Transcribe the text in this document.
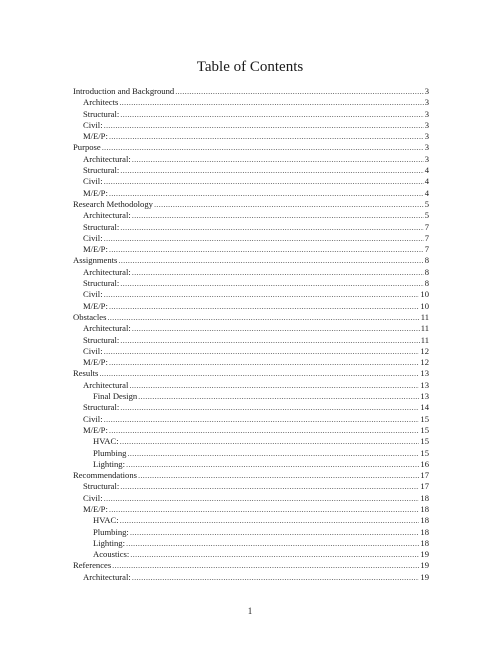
Table of Contents
Introduction and Background .....	3
Architects .....	3
Structural: .....	3
Civil: .....	3
M/E/P: .....	3
Purpose .....	3
Architectural: .....	3
Structural: .....	4
Civil: .....	4
M/E/P: .....	4
Research Methodology .....	5
Architectural: .....	5
Structural: .....	7
Civil: .....	7
M/E/P: .....	7
Assignments .....	8
Architectural: .....	8
Structural: .....	8
Civil: .....	10
M/E/P: .....	10
Obstacles .....	11
Architectural: .....	11
Structural: .....	11
Civil: .....	12
M/E/P: .....	12
Results .....	13
Architectural .....	13
Final Design .....	13
Structural: .....	14
Civil: .....	15
M/E/P: .....	15
HVAC: .....	15
Plumbing .....	15
Lighting: .....	16
Recommendations .....	17
Structural: .....	17
Civil: .....	18
M/E/P: .....	18
HVAC: .....	18
Plumbing: .....	18
Lighting: .....	18
Acoustics: .....	19
References .....	19
Architectural: .....	19
1
